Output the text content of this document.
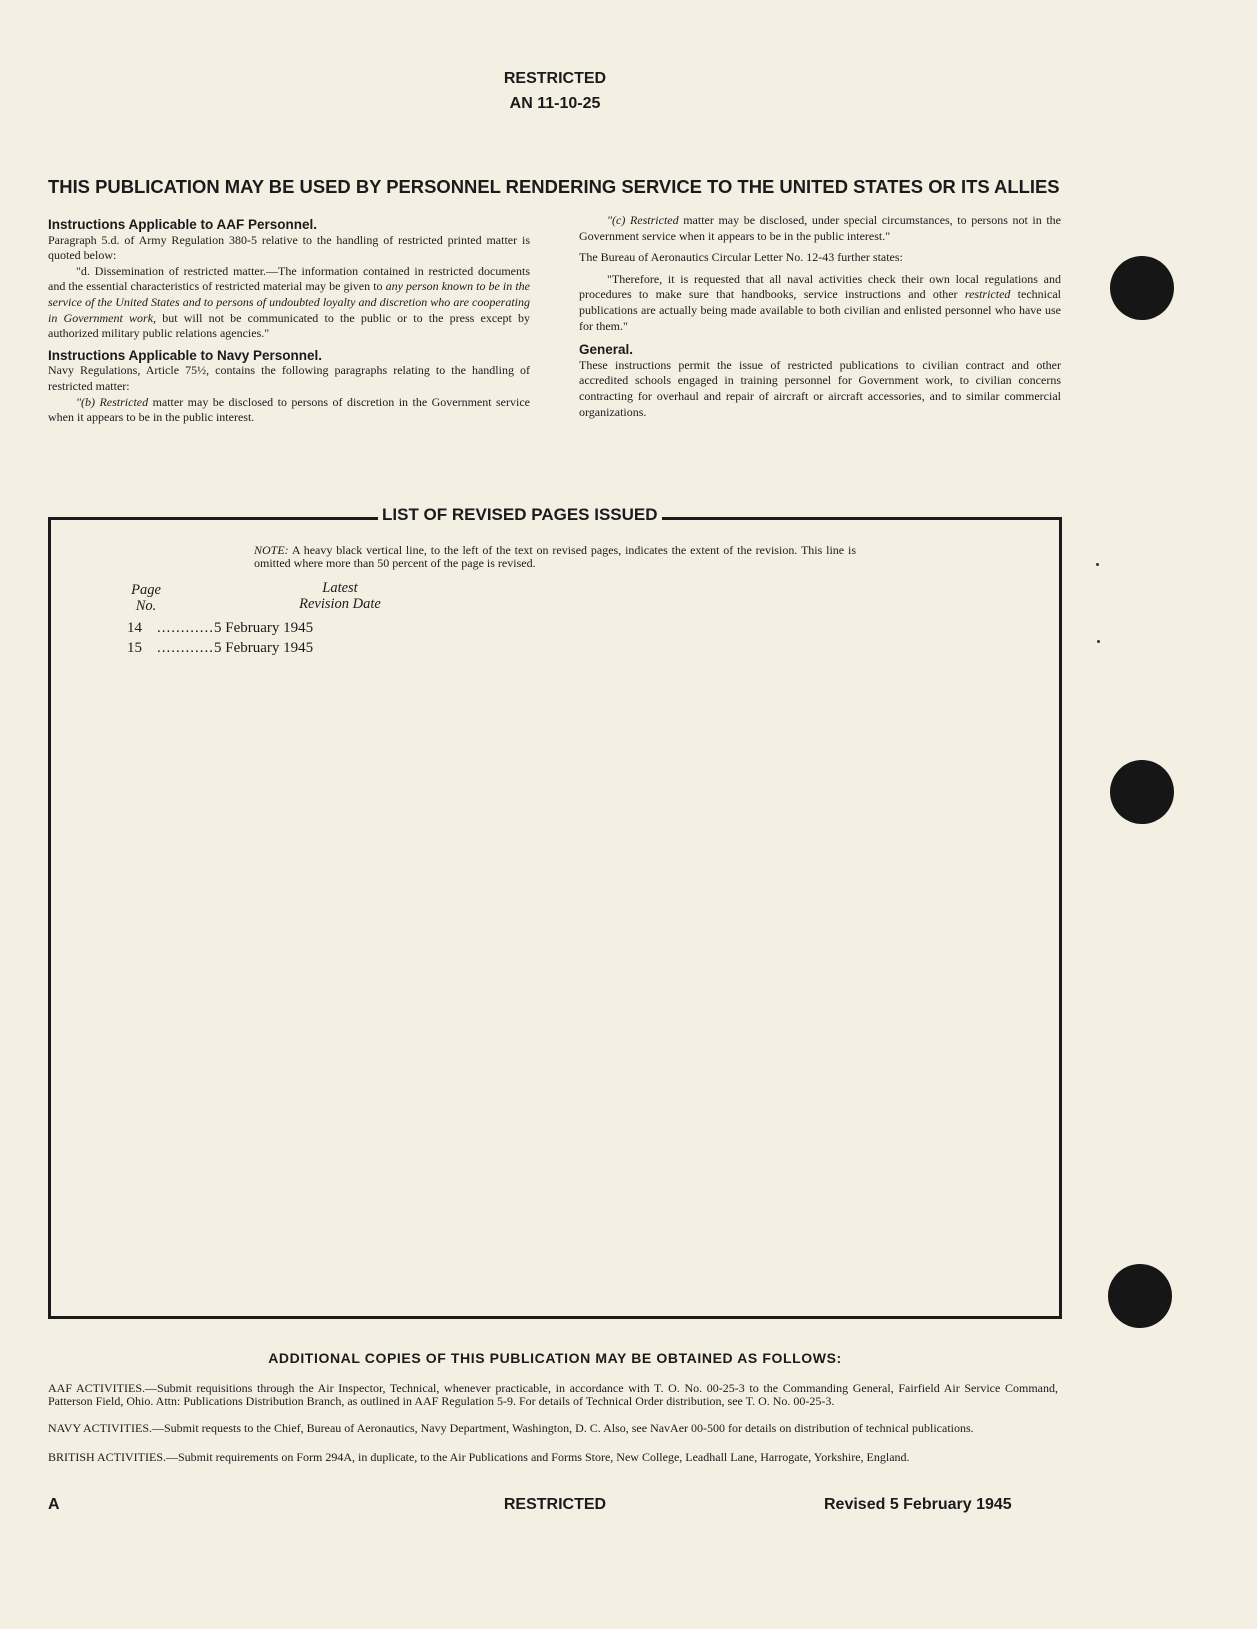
RESTRICTED
AN 11-10-25
THIS PUBLICATION MAY BE USED BY PERSONNEL RENDERING SERVICE TO THE UNITED STATES OR ITS ALLIES

Instructions Applicable to AAF Personnel.

Paragraph 5.d. of Army Regulation 380-5 relative to the handling of restricted printed matter is quoted below:

"d. Dissemination of restricted matter.—The information contained in restricted documents and the essential characteristics of restricted material may be given to any person known to be in the service of the United States and to persons of undoubted loyalty and discretion who are cooperating in Government work, but will not be communicated to the public or to the press except by authorized military public relations agencies."

Instructions Applicable to Navy Personnel.

Navy Regulations, Article 75½, contains the following paragraphs relating to the handling of restricted matter:

"(b) Restricted matter may be disclosed to persons of discretion in the Government service when it appears to be in the public interest.

"(c) Restricted matter may be disclosed, under special circumstances, to persons not in the Government service when it appears to be in the public interest."

The Bureau of Aeronautics Circular Letter No. 12-43 further states:

"Therefore, it is requested that all naval activities check their own local regulations and procedures to make sure that handbooks, service instructions and other restricted technical publications are actually being made available to both civilian and enlisted personnel who have use for them."

General.

These instructions permit the issue of restricted publications to civilian contract and other accredited schools engaged in training personnel for Government work, to civilian concerns contracting for overhaul and repair of aircraft or aircraft accessories, and to similar commercial organizations.

LIST OF REVISED PAGES ISSUED
NOTE: A heavy black vertical line, to the left of the text on revised pages, indicates the extent of the revision. This line is omitted where more than 50 percent of the page is revised.
Page
No.
Latest
Revision Date
14 ............5 February 1945
15 ............5 February 1945
ADDITIONAL COPIES OF THIS PUBLICATION MAY BE OBTAINED AS FOLLOWS:
AAF ACTIVITIES.—Submit requisitions through the Air Inspector, Technical, whenever practicable, in accordance with T. O. No. 00-25-3 to the Commanding General, Fairfield Air Service Command, Patterson Field, Ohio. Attn: Publications Distribution Branch, as outlined in AAF Regulation 5-9. For details of Technical Order distribution, see T. O. No. 00-25-3.
NAVY ACTIVITIES.—Submit requests to the Chief, Bureau of Aeronautics, Navy Department, Washington, D. C. Also, see NavAer 00-500 for details on distribution of technical publications.
BRITISH ACTIVITIES.—Submit requirements on Form 294A, in duplicate, to the Air Publications and Forms Store, New College, Leadhall Lane, Harrogate, Yorkshire, England.
A	RESTRICTED	Revised 5 February 1945
